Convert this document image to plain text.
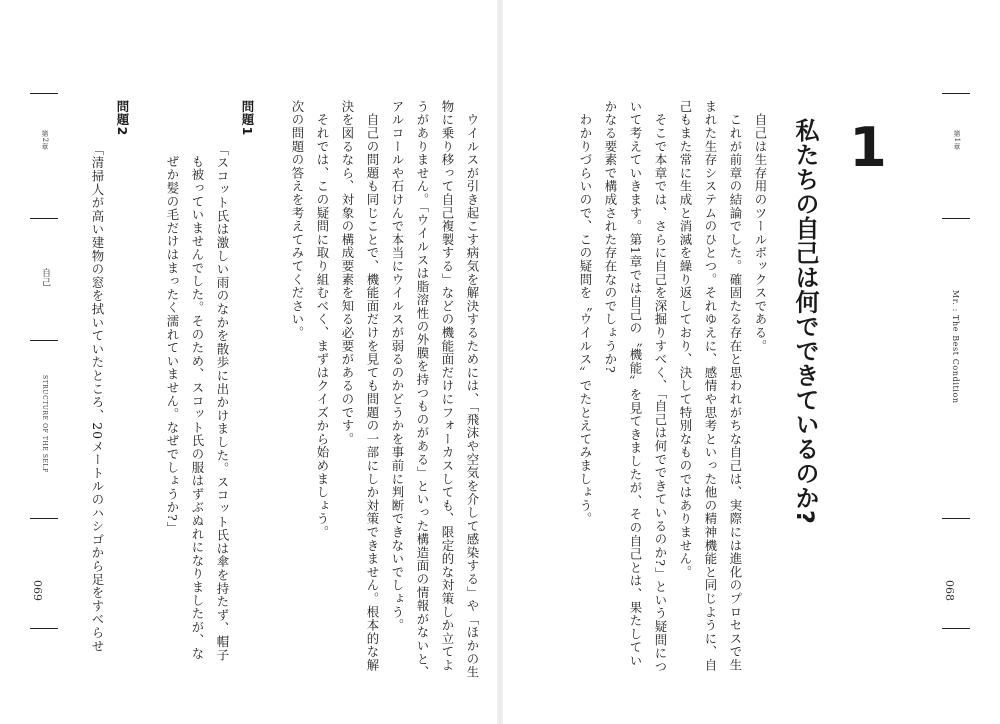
1
私たちの自己は何でできているのか?
　自己は生存用のツールボックスである。
　これが前章の結論でした。確固たる存在と思われがちな自己は、実際には進化のプロセスで生
まれた生存システムのひとつ。それゆえに、感情や思考といった他の精神機能と同じように、自
己もまた常に生成と消滅を繰り返しており、決して特別なものではありません。
　そこで本章では、さらに自己を深掘りすべく、「自己は何でできているのか?」という疑問につ
いて考えていきます。第1章では自己の〝機能〟を見てきましたが、その自己とは、果たしてい
かなる要素で構成された存在なのでしょうか?
　わかりづらいので、この疑問を〝ウイルス〟でたとえてみましょう。	第1章
Mr. : The Best Condition
068
　ウイルスが引き起こす病気を解決するためには、「飛沫や空気を介して感染する」や「ほかの生
物に乗り移って自己複製する」などの機能面だけにフォーカスしても、限定的な対策しか立てよ
うがありません。「ウイルスは脂溶性の外膜を持つものがある」といった構造面の情報がないと、
アルコールや石けんで本当にウイルスが弱るのかどうかを事前に判断できないでしょう。
　自己の問題も同じことで、機能面だけを見ても問題の一部にしか対策できません。根本的な解
決を図るなら、対象の構成要素を知る必要があるのです。
　それでは、この疑問に取り組むべく、まずはクイズから始めましょう。
次の問題の答えを考えてみてください。
問題1
「スコット氏は激しい雨のなかを散歩に出かけました。スコット氏は傘を持たず、帽子
も被っていませんでした。そのため、スコット氏の服はずぶぬれになりましたが、な
ぜか髪の毛だけはまったく濡れていません。なぜでしょうか?」
問題2
「清掃人が高い建物の窓を拭いていたところ、20メートルのハシゴから足をすべらせ
第2章
自己
STRUCTURE OF THE SELF
069
